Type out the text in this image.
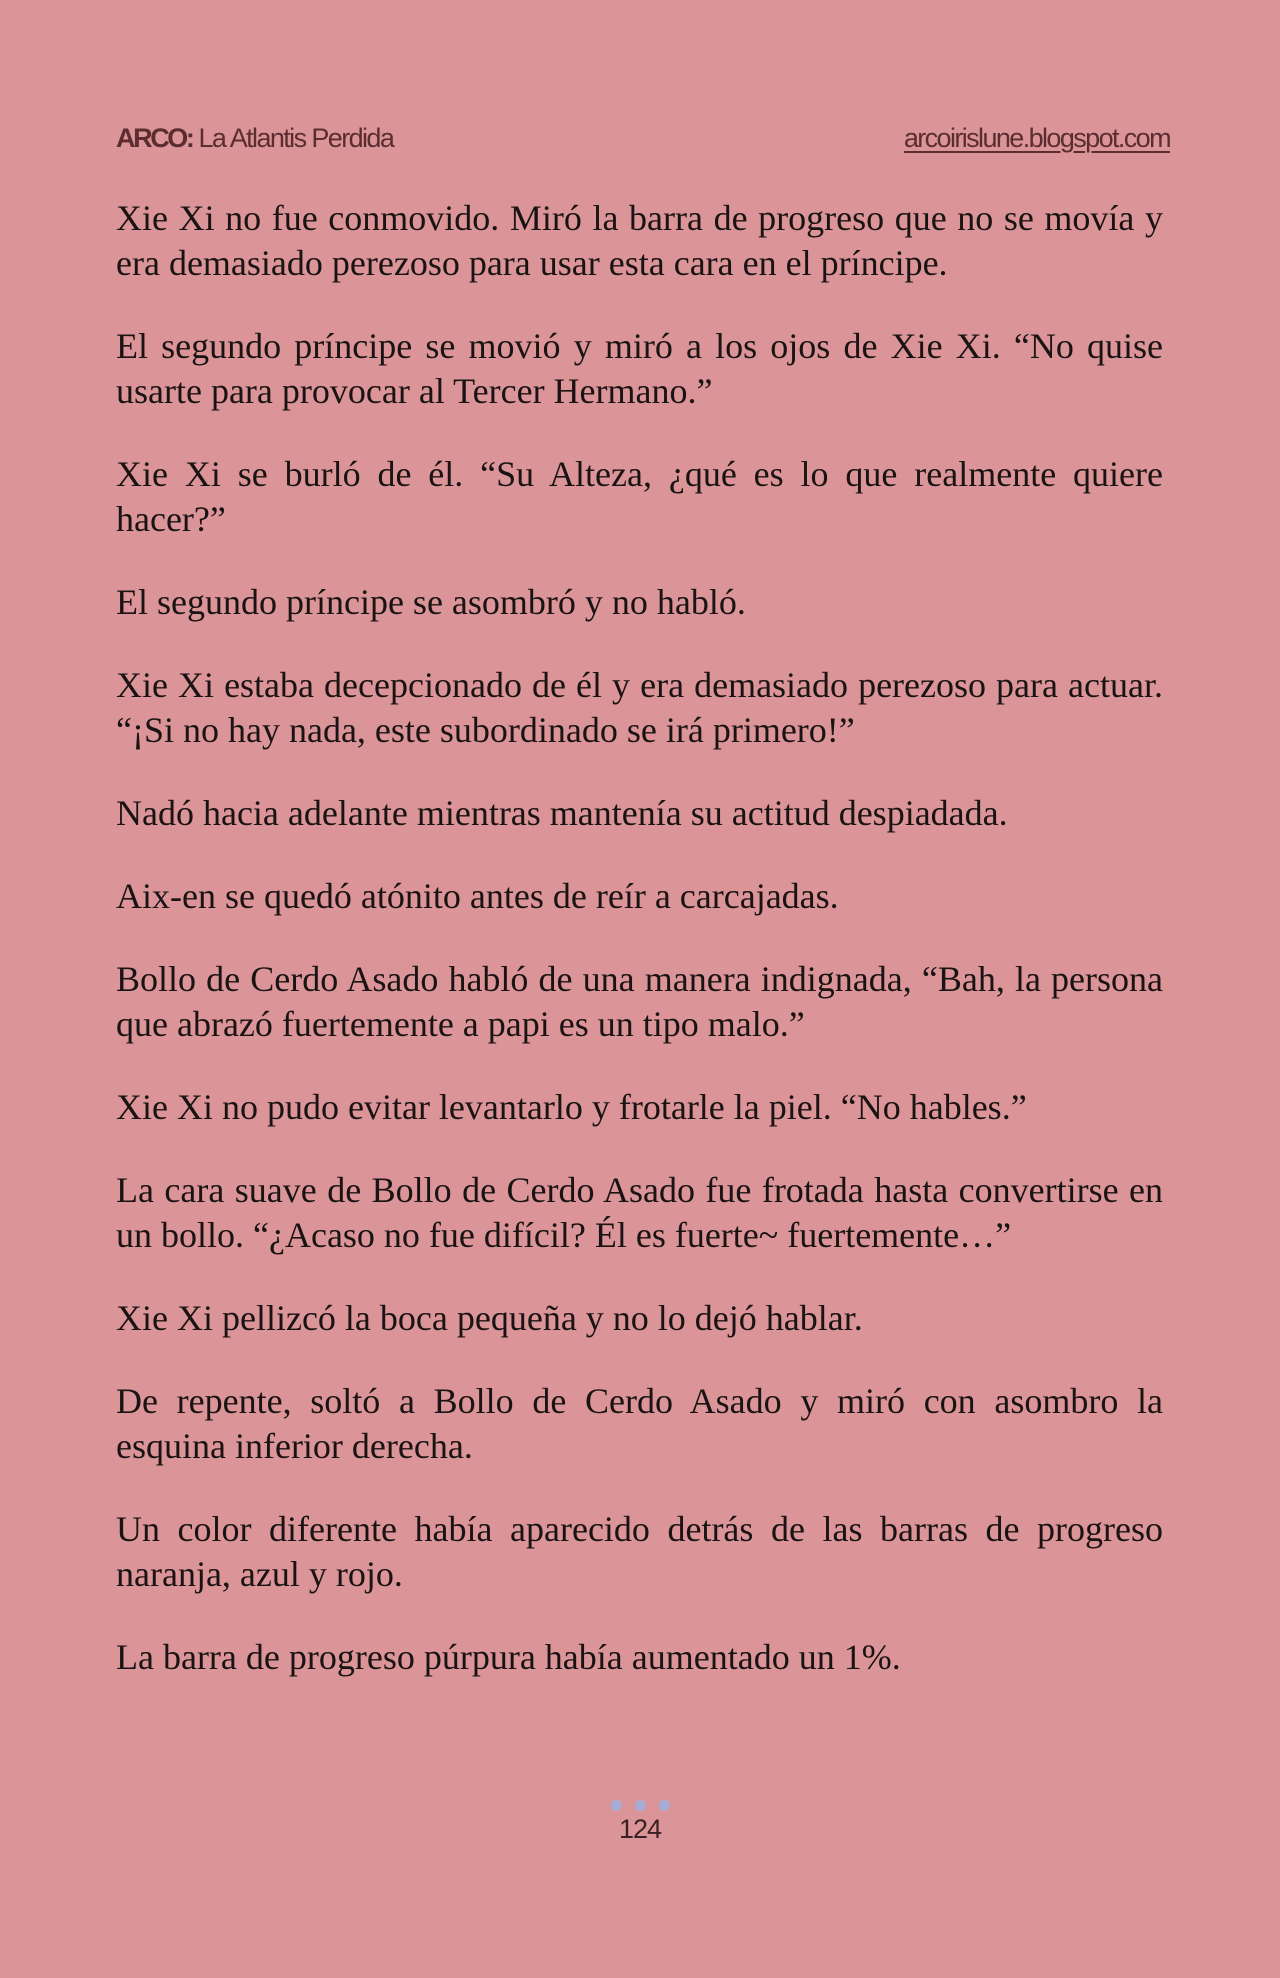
ARCO: La Atlantis Perdida	arcoirislune.blogspot.com

Xie Xi no fue conmovido. Miró la barra de progreso que no se movía y era demasiado perezoso para usar esta cara en el príncipe.

El segundo príncipe se movió y miró a los ojos de Xie Xi. “No quise usarte para provocar al Tercer Hermano.”

Xie Xi se burló de él. “Su Alteza, ¿qué es lo que realmente quiere hacer?”

El segundo príncipe se asombró y no habló.

Xie Xi estaba decepcionado de él y era demasiado perezoso para actuar. “¡Si no hay nada, este subordinado se irá primero!”

Nadó hacia adelante mientras mantenía su actitud despiadada.

Aix-en se quedó atónito antes de reír a carcajadas.

Bollo de Cerdo Asado habló de una manera indignada, “Bah, la persona que abrazó fuertemente a papi es un tipo malo.”

Xie Xi no pudo evitar levantarlo y frotarle la piel. “No hables.”

La cara suave de Bollo de Cerdo Asado fue frotada hasta convertirse en un bollo. “¿Acaso no fue difícil? Él es fuerte~ fuertemente…”

Xie Xi pellizcó la boca pequeña y no lo dejó hablar.

De repente, soltó a Bollo de Cerdo Asado y miró con asombro la esquina inferior derecha.

Un color diferente había aparecido detrás de las barras de progreso naranja, azul y rojo.

La barra de progreso púrpura había aumentado un 1%.

124
